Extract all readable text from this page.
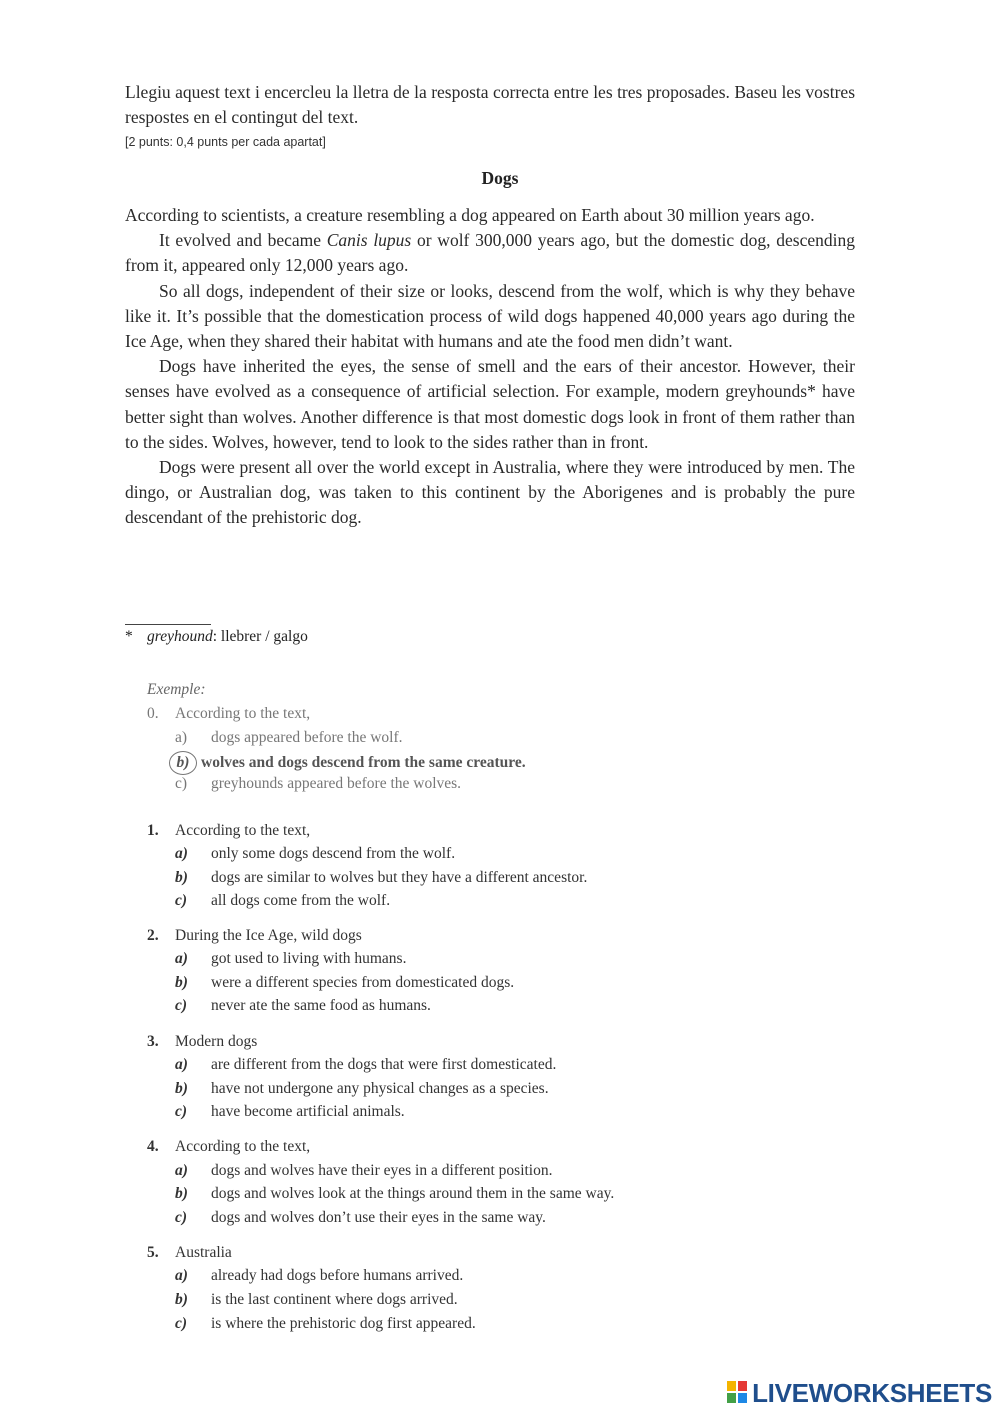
Llegiu aquest text i encercleu la lletra de la resposta correcta entre les tres proposades. Baseu les vostres respostes en el contingut del text.
[2 punts: 0,4 punts per cada apartat]
Dogs

According to scientists, a creature resembling a dog appeared on Earth about 30 million years ago.

It evolved and became Canis lupus or wolf 300,000 years ago, but the domestic dog, descending from it, appeared only 12,000 years ago.

So all dogs, independent of their size or looks, descend from the wolf, which is why they behave like it. It’s possible that the domestication process of wild dogs happened 40,000 years ago during the Ice Age, when they shared their habitat with humans and ate the food men didn’t want.

Dogs have inherited the eyes, the sense of smell and the ears of their ancestor. However, their senses have evolved as a consequence of artificial selection. For example, modern greyhounds* have better sight than wolves. Another difference is that most domestic dogs look in front of them rather than to the sides. Wolves, however, tend to look to the sides rather than in front.

Dogs were present all over the world except in Australia, where they were introduced by men. The dingo, or Australian dog, was taken to this continent by the Aborigenes and is probably the pure descendant of the prehistoric dog.

* greyhound: llebrer / galgo
Exemple:
0. According to the text,
a) dogs appeared before the wolf.
b) wolves and dogs descend from the same creature.
c) greyhounds appeared before the wolves.
1. According to the text,
a) only some dogs descend from the wolf.
b) dogs are similar to wolves but they have a different ancestor.
c) all dogs come from the wolf.
2. During the Ice Age, wild dogs
a) got used to living with humans.
b) were a different species from domesticated dogs.
c) never ate the same food as humans.
3. Modern dogs
a) are different from the dogs that were first domesticated.
b) have not undergone any physical changes as a species.
c) have become artificial animals.
4. According to the text,
a) dogs and wolves have their eyes in a different position.
b) dogs and wolves look at the things around them in the same way.
c) dogs and wolves don’t use their eyes in the same way.
5. Australia
a) already had dogs before humans arrived.
b) is the last continent where dogs arrived.
c) is where the prehistoric dog first appeared.
LIVEWORKSHEETS
